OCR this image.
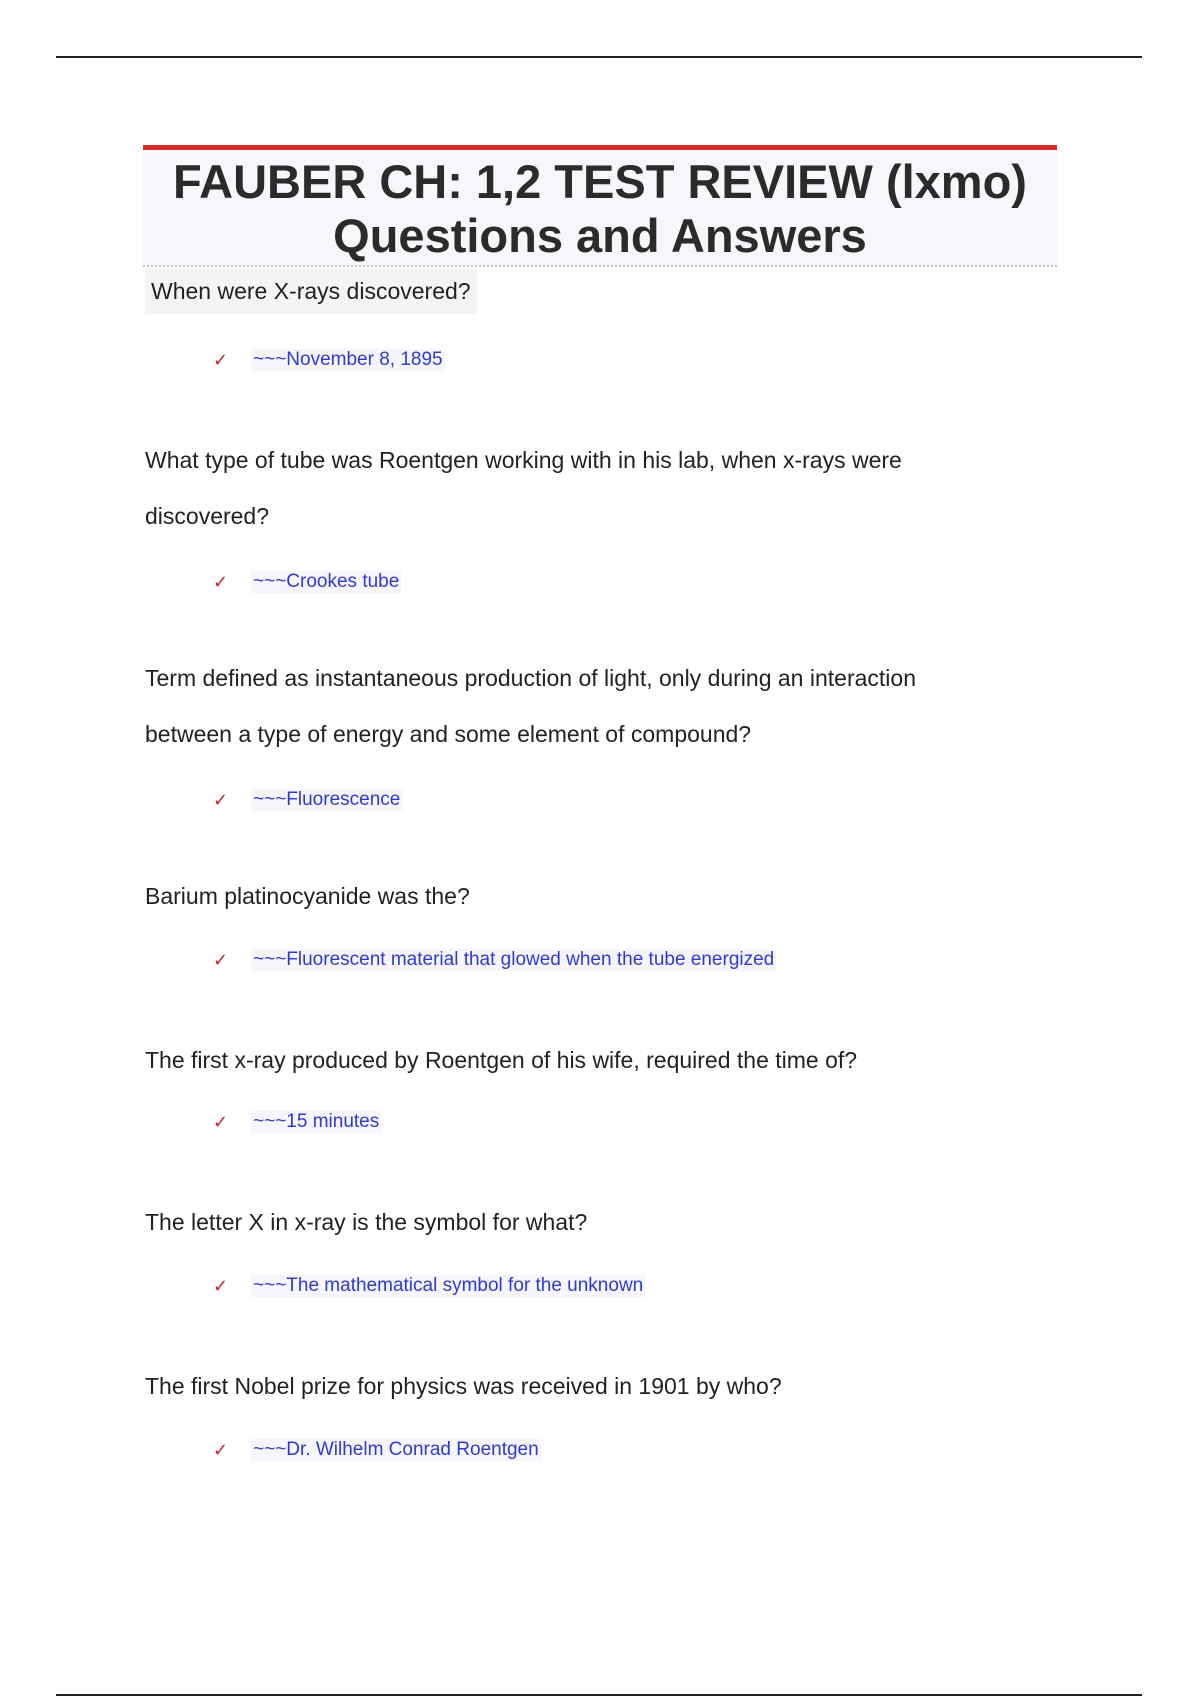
FAUBER CH: 1,2 TEST REVIEW (lxmo)
Questions and Answers

When were X-rays discovered?

✓	~~~November 8, 1895

What type of tube was Roentgen working with in his lab, when x-rays were

discovered?

✓	~~~Crookes tube

Term defined as instantaneous production of light, only during an interaction

between a type of energy and some element of compound?

✓	~~~Fluorescence

Barium platinocyanide was the?

✓	~~~Fluorescent material that glowed when the tube energized

The first x-ray produced by Roentgen of his wife, required the time of?

✓	~~~15 minutes

The letter X in x-ray is the symbol for what?

✓	~~~The mathematical symbol for the unknown

The first Nobel prize for physics was received in 1901 by who?

✓	~~~Dr. Wilhelm Conrad Roentgen
